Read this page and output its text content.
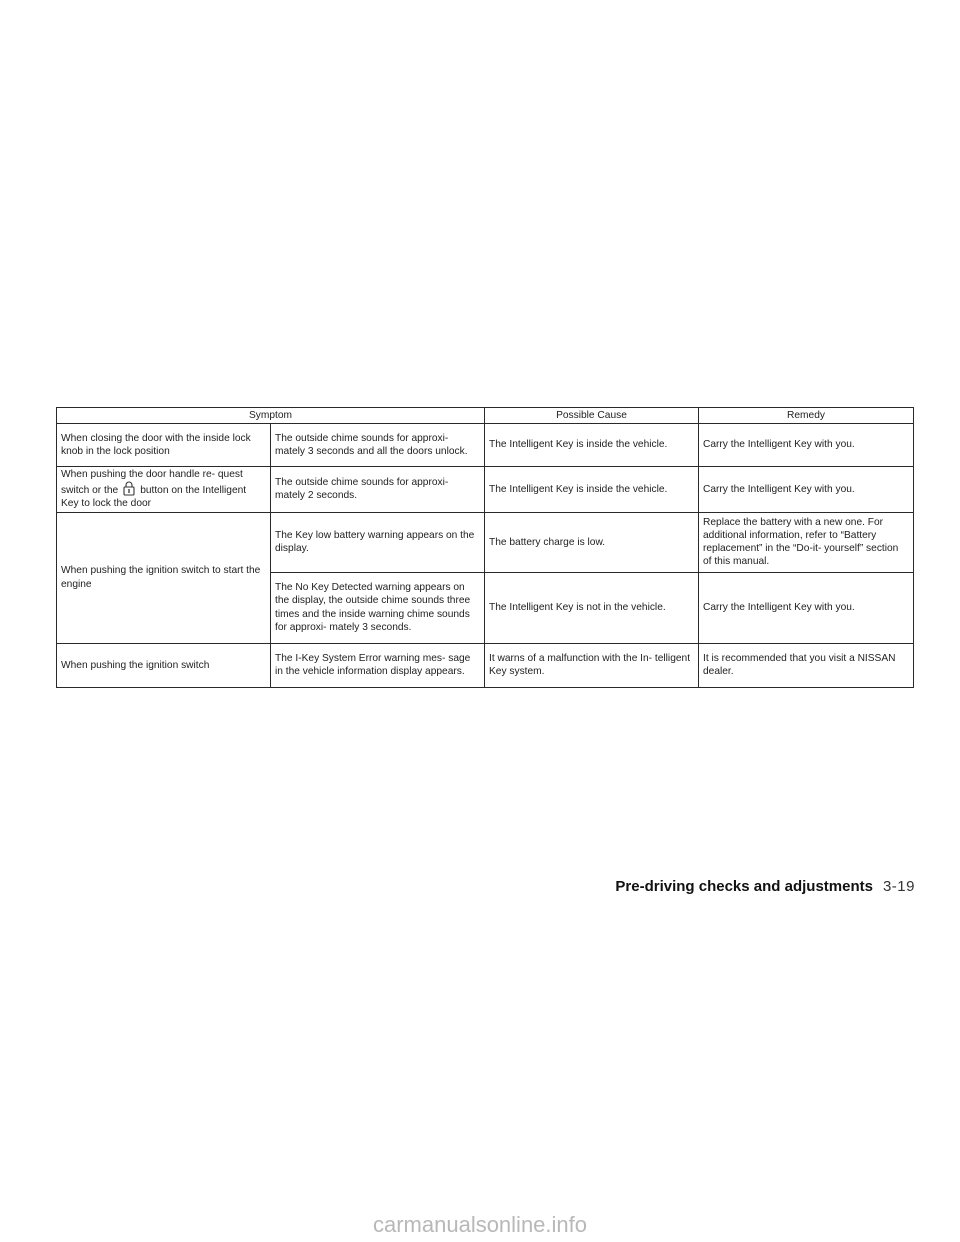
Symptom		Possible Cause	Remedy
When closing the door with the inside lock knob in the lock position	The outside chime sounds for approxi- mately 3 seconds and all the doors unlock.	The Intelligent Key is inside the vehicle.	Carry the Intelligent Key with you.
When pushing the door handle re- quest switch or the button on the Intelligent Key to lock the door	The outside chime sounds for approxi- mately 2 seconds.	The Intelligent Key is inside the vehicle.	Carry the Intelligent Key with you.
When pushing the ignition switch to start the engine	The Key low battery warning appears on the display.	The battery charge is low.	Replace the battery with a new one. For additional information, refer to “Battery replacement” in the “Do-it- yourself” section of this manual.
	The No Key Detected warning appears on the display, the outside chime sounds three times and the inside warning chime sounds for approxi- mately 3 seconds.	The Intelligent Key is not in the vehicle.	Carry the Intelligent Key with you.
When pushing the ignition switch	The I-Key System Error warning mes- sage in the vehicle information display appears.	It warns of a malfunction with the In- telligent Key system.	It is recommended that you visit a NISSAN dealer.
Pre-driving checks and adjustments 3-19
carmanualsonline.info
